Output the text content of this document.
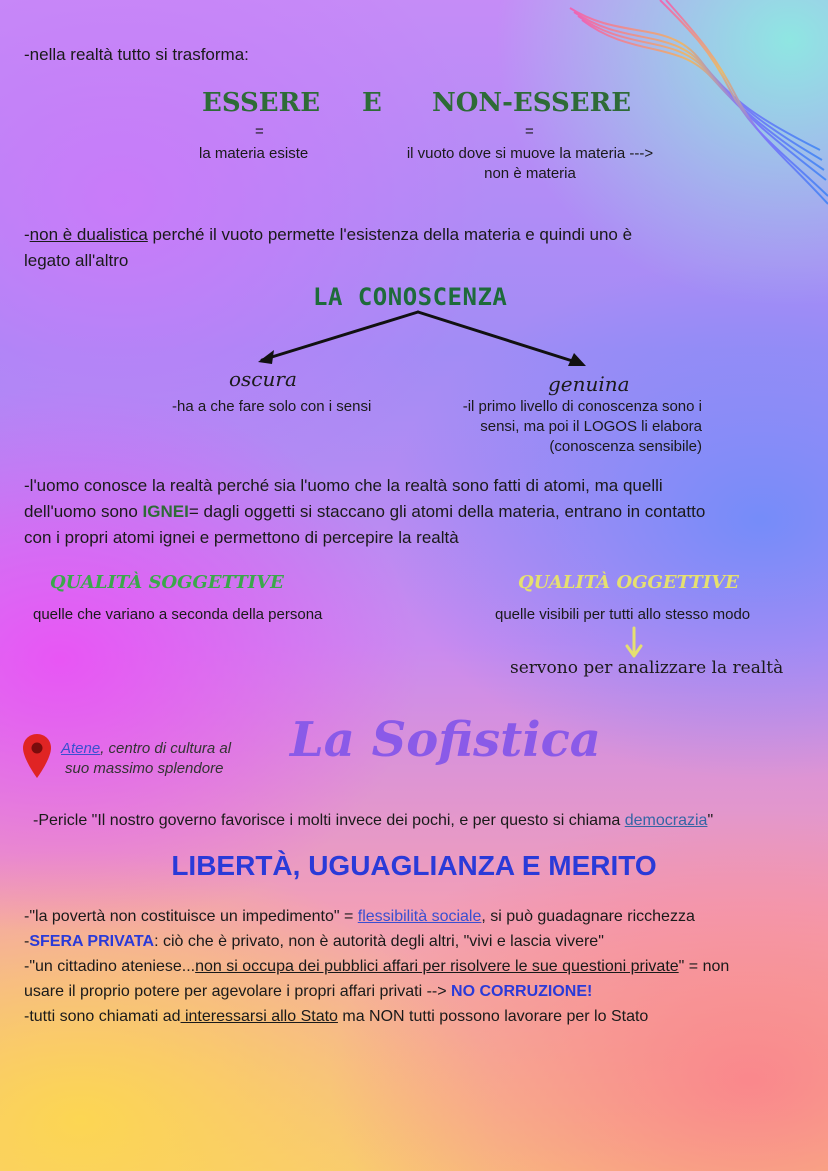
-nella realtà tutto si trasforma:
ESSERE E NON-ESSERE
=	=
la materia esiste	il vuoto dove si muove la materia --->
non è materia
-non è dualistica perché il vuoto permette l'esistenza della materia e quindi uno è
legato all'altro
LA CONOSCENZA
oscura
-ha a che fare solo con i sensi
genuina
-il primo livello di conoscenza sono i
sensi, ma poi il LOGOS li elabora
(conoscenza sensibile)
-l'uomo conosce la realtà perché sia l'uomo che la realtà sono fatti di atomi, ma quelli
dell'uomo sono IGNEI= dagli oggetti si staccano gli atomi della materia, entrano in contatto
con i propri atomi ignei e permettono di percepire la realtà
QUALITÀ SOGGETTIVE
quelle che variano a seconda della persona
QUALITÀ OGGETTIVE
quelle visibili per tutti allo stesso modo
servono per analizzare la realtà
Atene, centro di cultura al
suo massimo splendore
La Sofistica
-Pericle "Il nostro governo favorisce i molti invece dei pochi, e per questo si chiama democrazia"
LIBERTÀ, UGUAGLIANZA E MERITO
-"la povertà non costituisce un impedimento" = flessibilità sociale, si può guadagnare ricchezza
-SFERA PRIVATA: ciò che è privato, non è autorità degli altri, "vivi e lascia vivere"
-"un cittadino ateniese...non si occupa dei pubblici affari per risolvere le sue questioni private" = non
usare il proprio potere per agevolare i propri affari privati --> NO CORRUZIONE!
-tutti sono chiamati ad interessarsi allo Stato ma NON tutti possono lavorare per lo Stato
